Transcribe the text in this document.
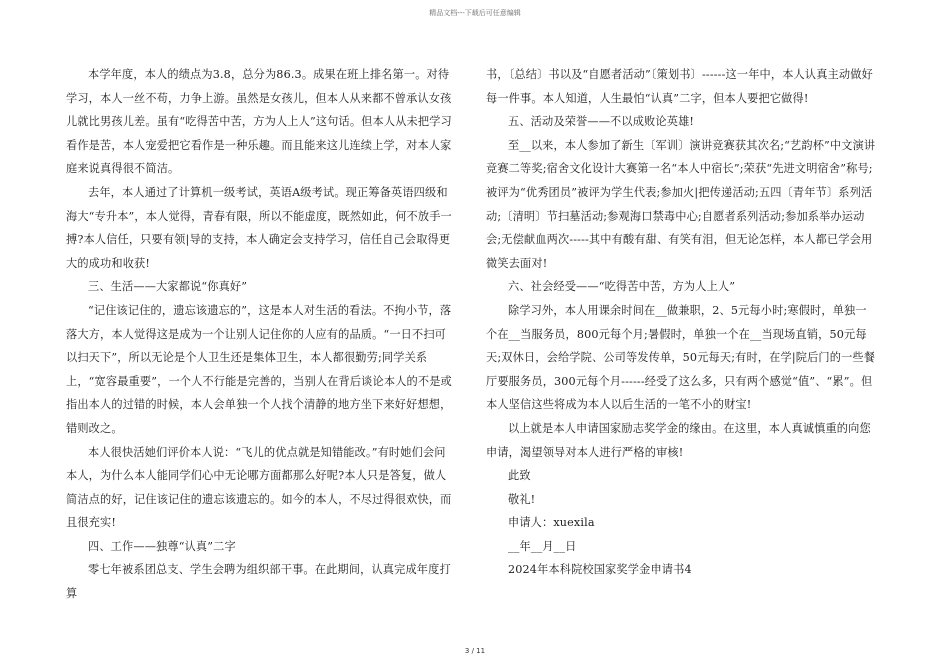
精品文档---下载后可任意编辑

本学年度，本人的绩点为3.8，总分为86.3。成果在班上排名第一。对待学习，本人一丝不苟，力争上游。虽然是女孩儿，但本人从来都不曾承认女孩儿就比男孩儿差。虽有“吃得苦中苦，方为人上人”这句话。但本人从未把学习看作是苦，本人宠爱把它看作是一种乐趣。而且能来这儿连续上学，对本人家庭来说真得很不简洁。

去年，本人通过了计算机一级考试，英语A级考试。现正筹备英语四级和海大“专升本”，本人觉得，青春有限，所以不能虚度，既然如此，何不放手一搏?本人信任，只要有领|导的支持，本人确定会支持学习，信任自己会取得更大的成功和收获!

三、生活——大家都说“你真好”

“记住该记住的，遗忘该遗忘的”，这是本人对生活的看法。不拘小节，落落大方，本人觉得这是成为一个让别人记住你的人应有的品质。“一日不扫可以扫天下”，所以无论是个人卫生还是集体卫生，本人都很勤劳;同学关系上，“宽容最重要”，一个人不行能是完善的，当别人在背后谈论本人的不是或指出本人的过错的时候，本人会单独一个人找个清静的地方坐下来好好想想，错则改之。

本人很快活她们评价本人说：“飞儿的优点就是知错能改。”有时她们会问本人，为什么本人能同学们心中无论哪方面都那么好呢?本人只是答复，做人简洁点的好，记住该记住的遗忘该遗忘的。如今的本人，不尽过得很欢快，而且很充实!

四、工作——独尊“认真”二字

零七年被系团总支、学生会聘为组织部干事。在此期间，认真完成年度打算

书，〔总结〕书以及“自愿者活动”〔策划书〕------这一年中，本人认真主动做好每一件事。本人知道，人生最怕“认真”二字，但本人要把它做得!

五、活动及荣誉——不以成败论英雄!

至__以来，本人参加了新生〔军训〕演讲竞赛获其次名;“艺韵杯”中文演讲竞赛二等奖;宿舍文化设计大赛第一名“本人中宿长”;荣获“先进文明宿舍”称号;被评为“优秀团员”被评为学生代表;参加火|把传递活动;五四〔青年节〕系列活动;〔清明〕节扫墓活动;参观海口禁毒中心;自愿者系列活动;参加系举办运动会;无偿献血两次-----其中有酸有甜、有笑有泪，但无论怎样，本人都已学会用微笑去面对!

六、社会经受——“吃得苦中苦，方为人上人”

除学习外，本人用课余时间在__做兼职，2、5元每小时;寒假时，单独一个在__当服务员，800元每个月;暑假时，单独一个在__当现场直销，50元每天;双休日，会给学院、公司等发传单，50元每天;有时，在学|院后门的一些餐厅要服务员，300元每个月------经受了这么多，只有两个感觉“值”、“累”。但本人坚信这些将成为本人以后生活的一笔不小的财宝!

以上就是本人申请国家励志奖学金的缘由。在这里，本人真诚慎重的向您申请，渴望领导对本人进行严格的审核!

此致

敬礼!

申请人：xuexila

__年__月__日

2024年本科院校国家奖学金申请书4

3 / 11
